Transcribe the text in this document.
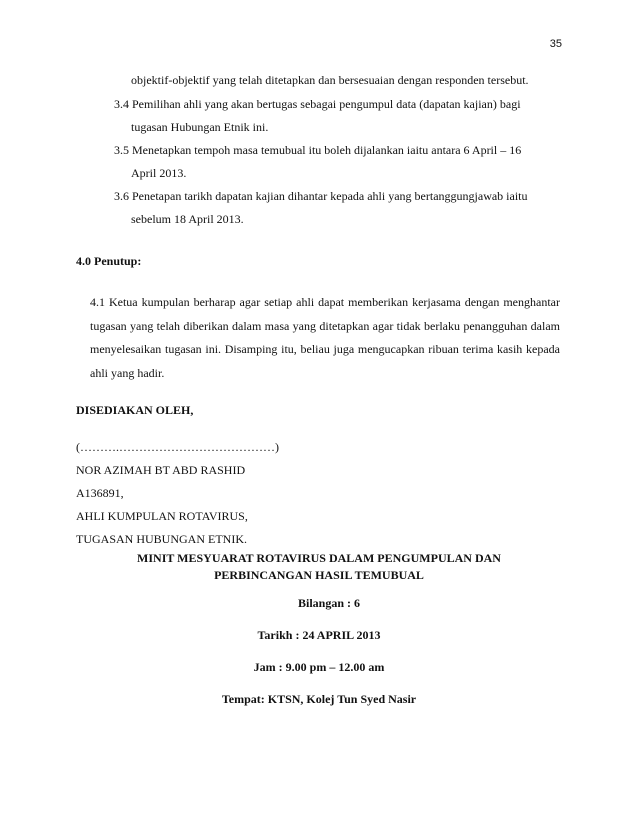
35
objektif-objektif yang telah ditetapkan dan bersesuaian dengan responden tersebut.
3.4 Pemilihan ahli yang akan bertugas sebagai pengumpul data (dapatan kajian) bagi
tugasan Hubungan Etnik ini.
3.5 Menetapkan tempoh masa temubual itu boleh dijalankan iaitu antara 6 April – 16
April 2013.
3.6 Penetapan tarikh dapatan kajian dihantar kepada ahli yang bertanggungjawab iaitu
sebelum 18 April 2013.
4.0 Penutup:
4.1 Ketua kumpulan berharap agar setiap ahli dapat memberikan kerjasama dengan menghantar tugasan yang telah diberikan dalam masa yang ditetapkan agar tidak berlaku penangguhan dalam menyelesaikan tugasan ini. Disamping itu, beliau juga mengucapkan ribuan terima kasih kepada ahli yang hadir.
DISEDIAKAN OLEH,
(……….…………………………………)
NOR AZIMAH BT ABD RASHID
A136891,
AHLI KUMPULAN ROTAVIRUS,
TUGASAN HUBUNGAN ETNIK.
MINIT MESYUARAT ROTAVIRUS DALAM PENGUMPULAN DAN
PERBINCANGAN HASIL TEMUBUAL
Bilangan : 6
Tarikh : 24 APRIL 2013
Jam : 9.00 pm – 12.00 am
Tempat: KTSN, Kolej Tun Syed Nasir
